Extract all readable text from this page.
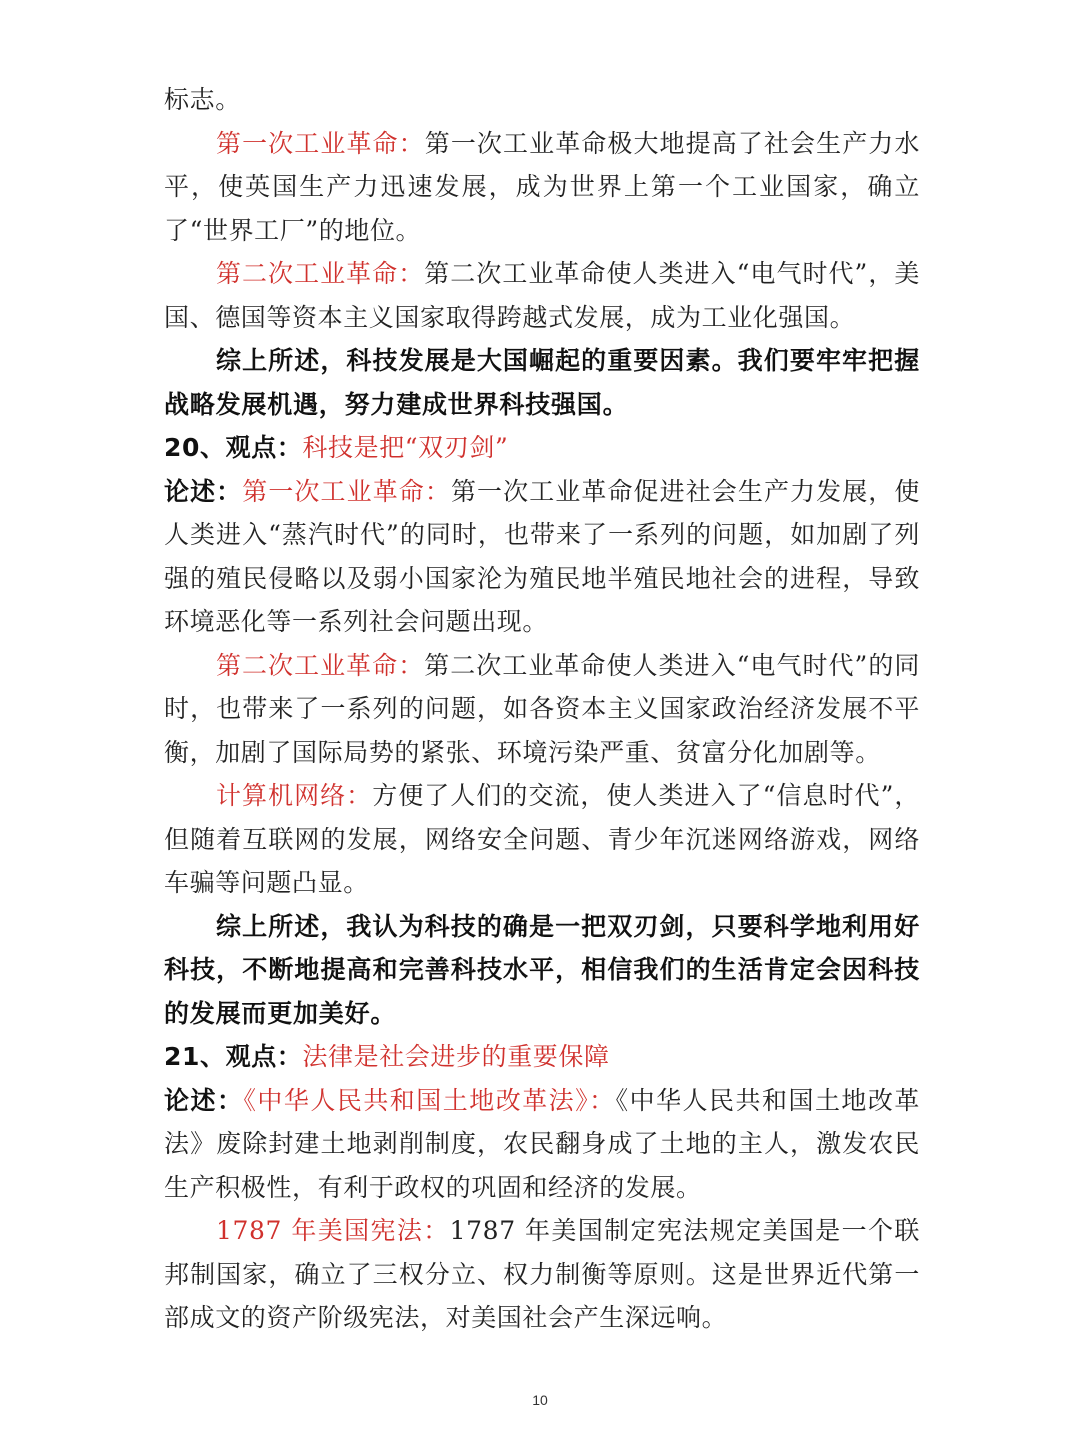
标志。

第一次工业革命：第一次工业革命极大地提高了社会生产力水平，使英国生产力迅速发展，成为世界上第一个工业国家，确立了“世界工厂”的地位。

第二次工业革命：第二次工业革命使人类进入“电气时代”，美国、德国等资本主义国家取得跨越式发展，成为工业化强国。

综上所述，科技发展是大国崛起的重要因素。我们要牢牢把握战略发展机遇，努力建成世界科技强国。

20、观点：科技是把“双刃剑”

论述：第一次工业革命：第一次工业革命促进社会生产力发展，使人类进入“蒸汽时代”的同时，也带来了一系列的问题，如加剧了列强的殖民侵略以及弱小国家沦为殖民地半殖民地社会的进程，导致环境恶化等一系列社会问题出现。

第二次工业革命：第二次工业革命使人类进入“电气时代”的同时，也带来了一系列的问题，如各资本主义国家政治经济发展不平衡，加剧了国际局势的紧张、环境污染严重、贫富分化加剧等。

计算机网络：方便了人们的交流，使人类进入了“信息时代”，但随着互联网的发展，网络安全问题、青少年沉迷网络游戏，网络车骗等问题凸显。

综上所述，我认为科技的确是一把双刃剑，只要科学地利用好科技，不断地提高和完善科技水平，相信我们的生活肯定会因科技的发展而更加美好。

21、观点：法律是社会进步的重要保障

论述：《中华人民共和国土地改革法》：《中华人民共和国土地改革法》废除封建土地剥削制度，农民翻身成了土地的主人，激发农民生产积极性，有利于政权的巩固和经济的发展。

1787 年美国宪法：1787 年美国制定宪法规定美国是一个联邦制国家，确立了三权分立、权力制衡等原则。这是世界近代第一部成文的资产阶级宪法，对美国社会产生深远响。

10
